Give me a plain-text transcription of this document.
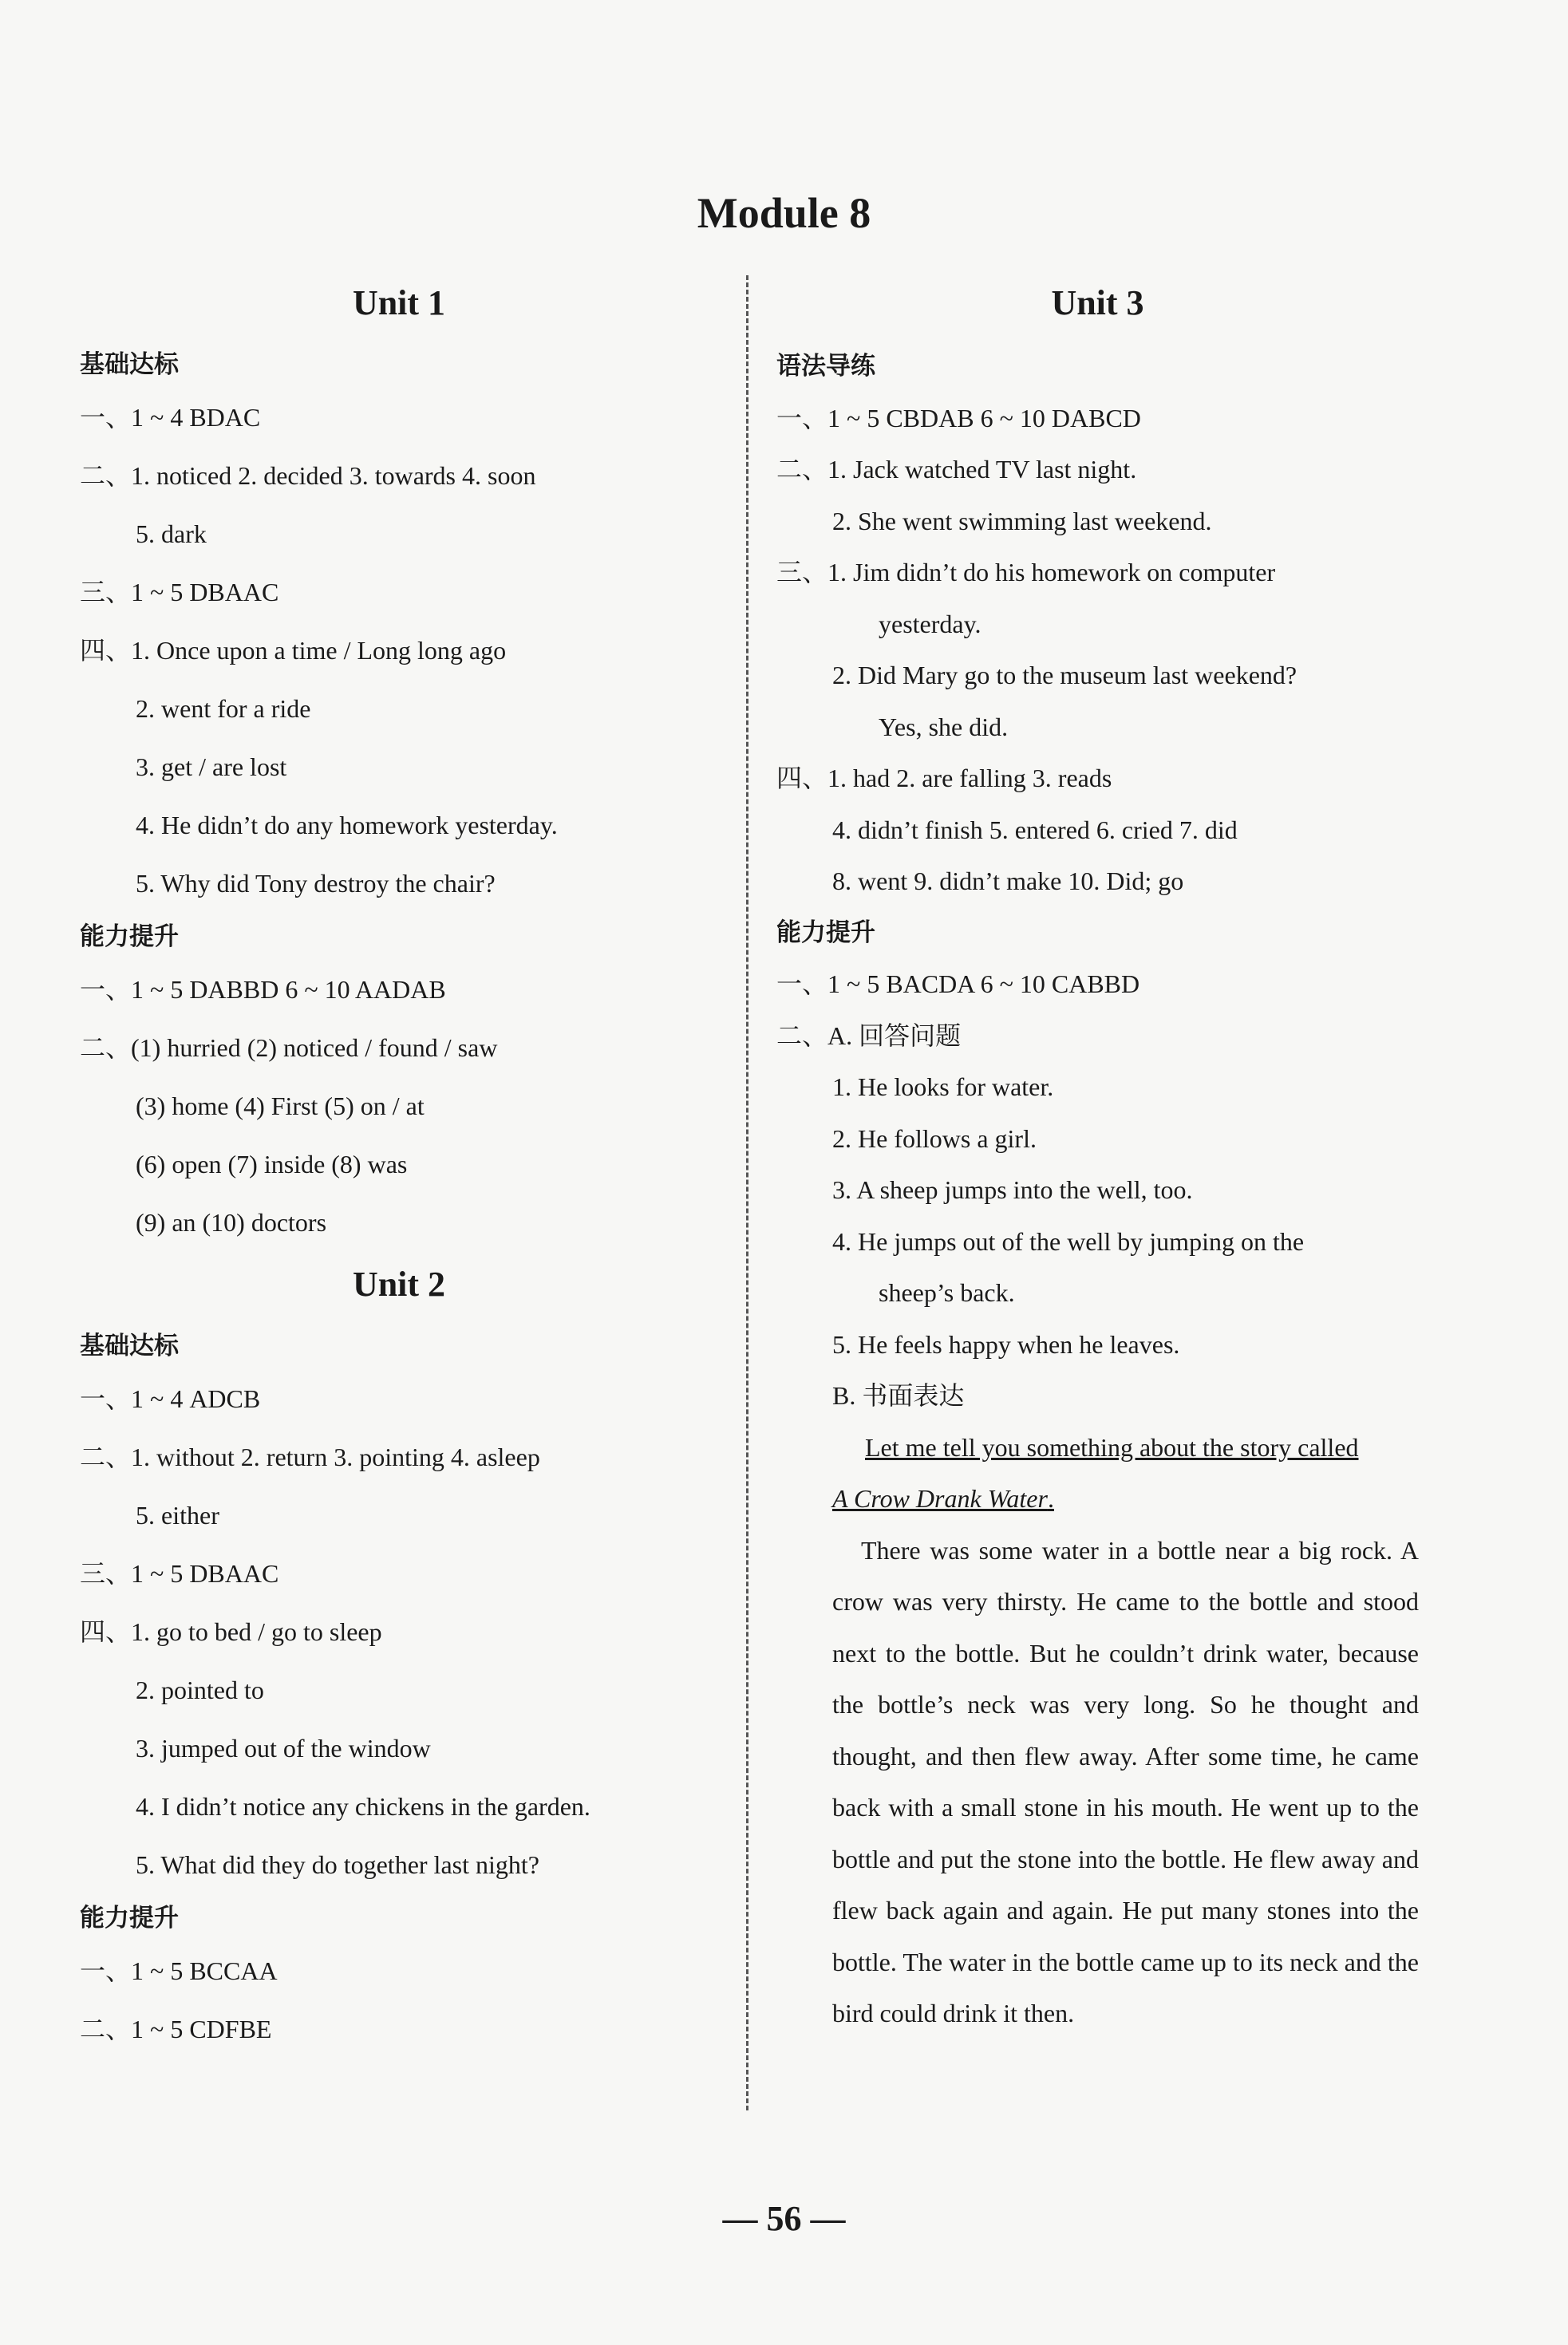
Module 8
Unit 1
基础达标
一、1 ~ 4 BDAC
二、1. noticed 2. decided 3. towards 4. soon
5. dark
三、1 ~ 5 DBAAC
四、1. Once upon a time / Long long ago
2. went for a ride
3. get / are lost
4. He didn’t do any homework yesterday.
5. Why did Tony destroy the chair?
能力提升
一、1 ~ 5 DABBD 6 ~ 10 AADAB
二、(1) hurried (2) noticed / found / saw
(3) home (4) First (5) on / at
(6) open (7) inside (8) was
(9) an (10) doctors
Unit 2
基础达标
一、1 ~ 4 ADCB
二、1. without 2. return 3. pointing 4. asleep
5. either
三、1 ~ 5 DBAAC
四、1. go to bed / go to sleep
2. pointed to
3. jumped out of the window
4. I didn’t notice any chickens in the garden.
5. What did they do together last night?
能力提升
一、1 ~ 5 BCCAA
二、1 ~ 5 CDFBE
Unit 3
语法导练
一、1 ~ 5 CBDAB 6 ~ 10 DABCD
二、1. Jack watched TV last night.
2. She went swimming last weekend.
三、1. Jim didn’t do his homework on computer
yesterday.
2. Did Mary go to the museum last weekend?
Yes, she did.
四、1. had 2. are falling 3. reads
4. didn’t finish 5. entered 6. cried 7. did
8. went 9. didn’t make 10. Did; go
能力提升
一、1 ~ 5 BACDA 6 ~ 10 CABBD
二、A. 回答问题
1. He looks for water.
2. He follows a girl.
3. A sheep jumps into the well, too.
4. He jumps out of the well by jumping on the
sheep’s back.
5. He feels happy when he leaves.
B. 书面表达
Let me tell you something about the story called
A Crow Drank Water.
There was some water in a bottle near a big rock. A crow was very thirsty. He came to the bottle and stood next to the bottle. But he couldn’t drink water, because the bottle’s neck was very long. So he thought and thought, and then flew away. After some time, he came back with a small stone in his mouth. He went up to the bottle and put the stone into the bottle. He flew away and flew back again and again. He put many stones into the bottle. The water in the bottle came up to its neck and the bird could drink it then.
— 56 —
